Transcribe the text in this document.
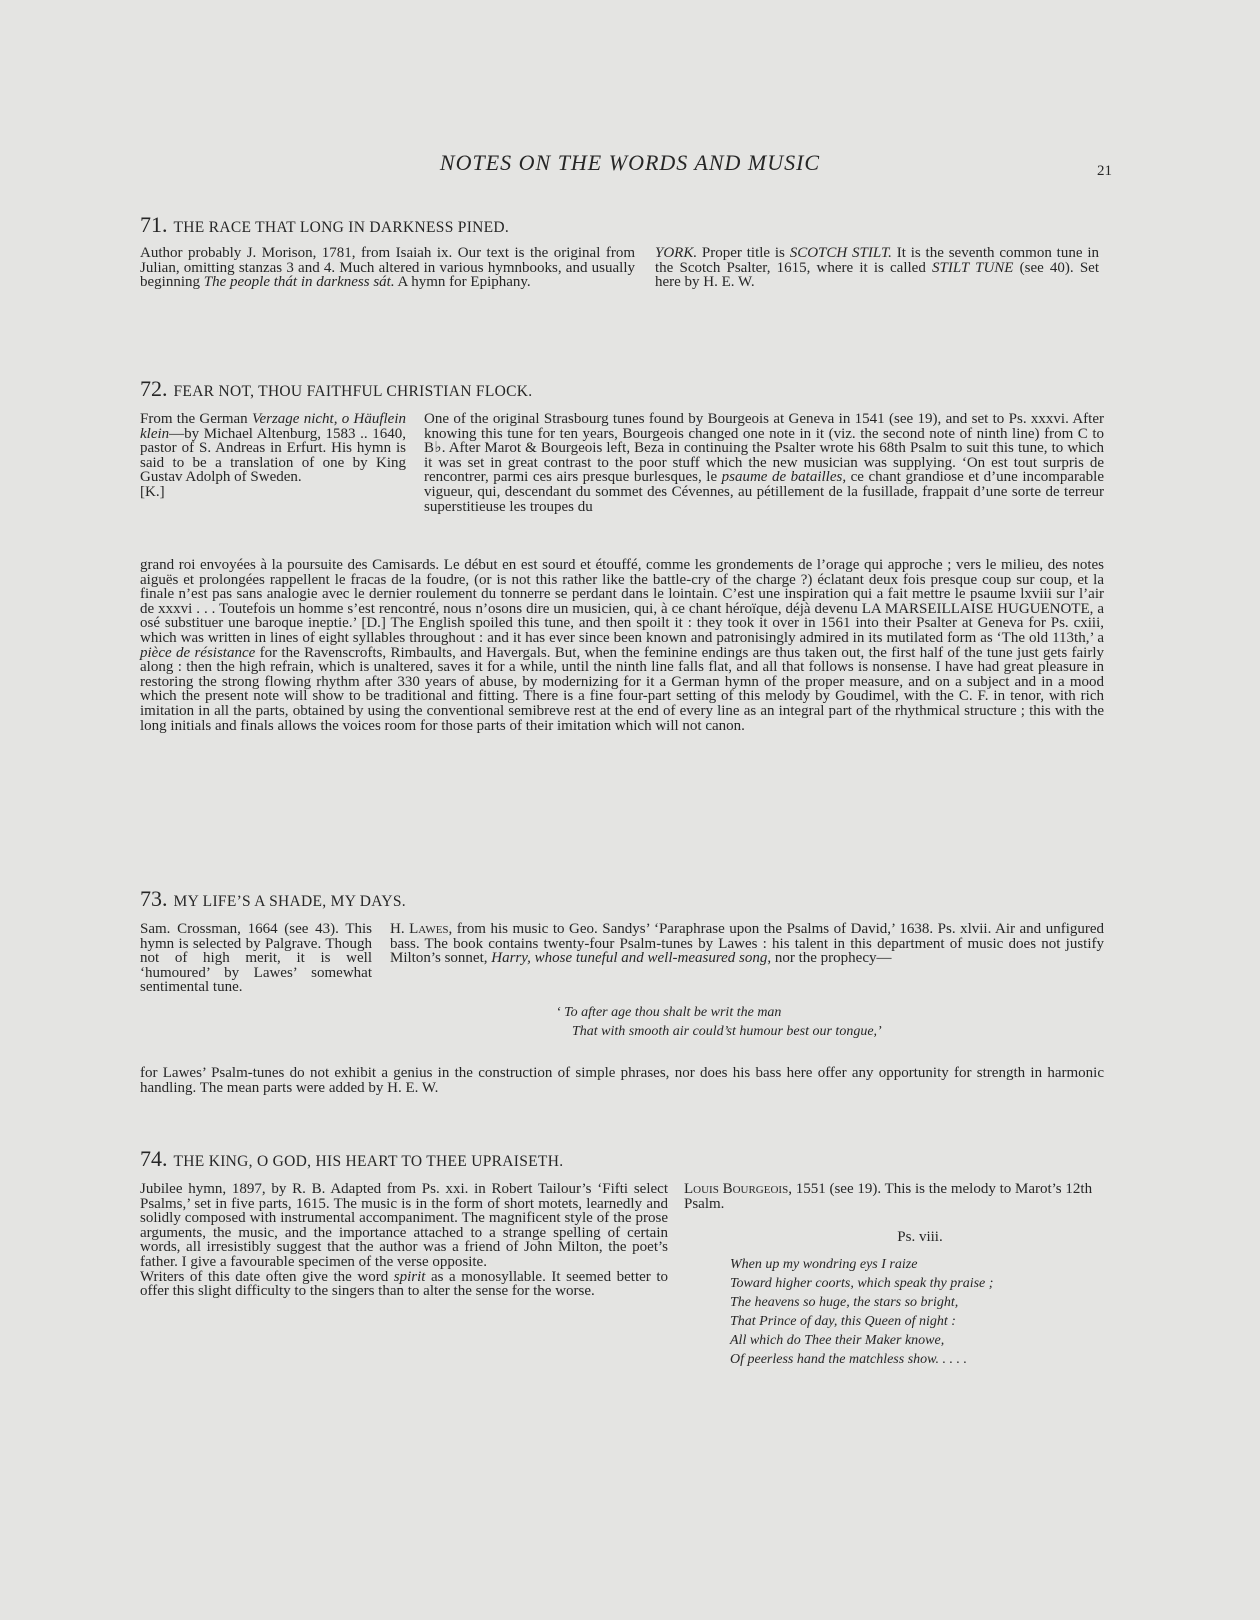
NOTES ON THE WORDS AND MUSIC	21
71. THE RACE THAT LONG IN DARKNESS PINED.
Author probably J. Morison, 1781, from Isaiah ix. Our text is the original from Julian, omitting stanzas 3 and 4. Much altered in various hymnbooks, and usually beginning The people thát in darkness sát. A hymn for Epiphany.
YORK. Proper title is SCOTCH STILT. It is the seventh common tune in the Scotch Psalter, 1615, where it is called STILT TUNE (see 40). Set here by H. E. W.
72. FEAR NOT, THOU FAITHFUL CHRISTIAN FLOCK.
From the German Verzage nicht, o Häuflein klein—by Michael Altenburg, 1583 .. 1640, pastor of S. Andreas in Erfurt. His hymn is said to be a translation of one by King Gustav Adolph of Sweden.
[K.]
One of the original Strasbourg tunes found by Bourgeois at Geneva in 1541 (see 19), and set to Ps. xxxvi. After knowing this tune for ten years, Bourgeois changed one note in it (viz. the second note of ninth line) from C to B♭. After Marot & Bourgeois left, Beza in continuing the Psalter wrote his 68th Psalm to suit this tune, to which it was set in great contrast to the poor stuff which the new musician was supplying. ‘On est tout surpris de rencontrer, parmi ces airs presque burlesques, le psaume de batailles, ce chant grandiose et d’une incomparable vigueur, qui, descendant du sommet des Cévennes, au pétillement de la fusillade, frappait d’une sorte de terreur superstitieuse les troupes du
grand roi envoyées à la poursuite des Camisards. Le début en est sourd et étouffé, comme les grondements de l’orage qui approche ; vers le milieu, des notes aiguës et prolongées rappellent le fracas de la foudre, (or is not this rather like the battle-cry of the charge ?) éclatant deux fois presque coup sur coup, et la finale n’est pas sans analogie avec le dernier roulement du tonnerre se perdant dans le lointain. C’est une inspiration qui a fait mettre le psaume lxviii sur l’air de xxxvi . . . Toutefois un homme s’est rencontré, nous n’osons dire un musicien, qui, à ce chant héroïque, déjà devenu LA MARSEILLAISE HUGUENOTE, a osé substituer une baroque ineptie.’ [D.] The English spoiled this tune, and then spoilt it : they took it over in 1561 into their Psalter at Geneva for Ps. cxiii, which was written in lines of eight syllables throughout : and it has ever since been known and patronisingly admired in its mutilated form as ‘The old 113th,’ a pièce de résistance for the Ravenscrofts, Rimbaults, and Havergals. But, when the feminine endings are thus taken out, the first half of the tune just gets fairly along : then the high refrain, which is unaltered, saves it for a while, until the ninth line falls flat, and all that follows is nonsense. I have had great pleasure in restoring the strong flowing rhythm after 330 years of abuse, by modernizing for it a German hymn of the proper measure, and on a subject and in a mood which the present note will show to be traditional and fitting. There is a fine four-part setting of this melody by Goudimel, with the C. F. in tenor, with rich imitation in all the parts, obtained by using the conventional semibreve rest at the end of every line as an integral part of the rhythmical structure ; this with the long initials and finals allows the voices room for those parts of their imitation which will not canon.
73. MY LIFE’S A SHADE, MY DAYS.
Sam. Crossman, 1664 (see 43). This hymn is selected by Palgrave. Though not of high merit, it is well ‘humoured’ by Lawes’ somewhat sentimental tune.
H. Lawes, from his music to Geo. Sandys’ ‘Paraphrase upon the Psalms of David,’ 1638. Ps. xlvii. Air and unfigured bass. The book contains twenty-four Psalm-tunes by Lawes : his talent in this department of music does not justify Milton’s sonnet, Harry, whose tuneful and well-measured song, nor the prophecy—
‘ To after age thou shalt be writ the man
That with smooth air could’st humour best our tongue,’
for Lawes’ Psalm-tunes do not exhibit a genius in the construction of simple phrases, nor does his bass here offer any opportunity for strength in harmonic handling. The mean parts were added by H. E. W.
74. THE KING, O GOD, HIS HEART TO THEE UPRAISETH.
Jubilee hymn, 1897, by R. B. Adapted from Ps. xxi. in Robert Tailour’s ‘Fifti select Psalms,’ set in five parts, 1615. The music is in the form of short motets, learnedly and solidly composed with instrumental accompaniment. The magnificent style of the prose arguments, the music, and the importance attached to a strange spelling of certain words, all irresistibly suggest that the author was a friend of John Milton, the poet’s father. I give a favourable specimen of the verse opposite.
Writers of this date often give the word spirit as a monosyllable. It seemed better to offer this slight difficulty to the singers than to alter the sense for the worse.
Louis Bourgeois, 1551 (see 19). This is the melody to Marot’s 12th Psalm.
Ps. viii.
When up my wondring eys I raize
Toward higher coorts, which speak thy praise ;
The heavens so huge, the stars so bright,
That Prince of day, this Queen of night :
All which do Thee their Maker knowe,
Of peerless hand the matchless show. . . . .
